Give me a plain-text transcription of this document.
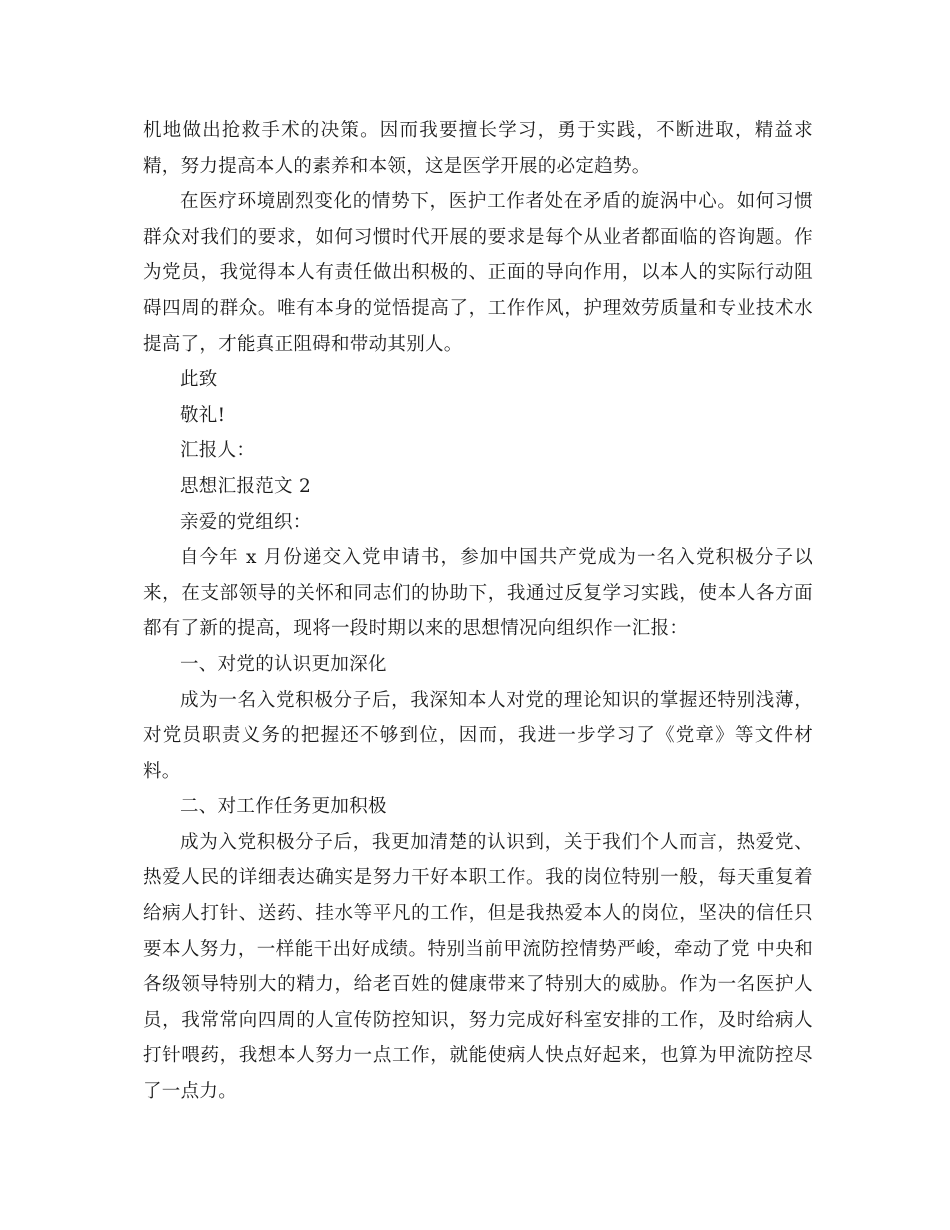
机地做出抢救手术的决策。因而我要擅长学习，勇于实践，不断进取，精益求精，努力提高本人的素养和本领，这是医学开展的必定趋势。

在医疗环境剧烈变化的情势下，医护工作者处在矛盾的旋涡中心。如何习惯群众对我们的要求，如何习惯时代开展的要求是每个从业者都面临的咨询题。作为党员，我觉得本人有责任做出积极的、正面的导向作用，以本人的实际行动阻碍四周的群众。唯有本身的觉悟提高了，工作作风，护理效劳质量和专业技术水提高了，才能真正阻碍和带动其别人。

此致

敬礼!

汇报人：

思想汇报范文 2

亲爱的党组织：

自今年 x 月份递交入党申请书，参加中国共产党成为一名入党积极分子以来，在支部领导的关怀和同志们的协助下，我通过反复学习实践，使本人各方面都有了新的提高，现将一段时期以来的思想情况向组织作一汇报：

一、对党的认识更加深化

成为一名入党积极分子后，我深知本人对党的理论知识的掌握还特别浅薄，对党员职责义务的把握还不够到位，因而，我进一步学习了《党章》等文件材料。

二、对工作任务更加积极

成为入党积极分子后，我更加清楚的认识到，关于我们个人而言，热爱党、热爱人民的详细表达确实是努力干好本职工作。我的岗位特别一般，每天重复着给病人打针、送药、挂水等平凡的工作，但是我热爱本人的岗位，坚决的信任只要本人努力，一样能干出好成绩。特别当前甲流防控情势严峻，牵动了党 中央和各级领导特别大的精力，给老百姓的健康带来了特别大的威胁。作为一名医护人员，我常常向四周的人宣传防控知识，努力完成好科室安排的工作，及时给病人打针喂药，我想本人努力一点工作，就能使病人快点好起来，也算为甲流防控尽了一点力。
